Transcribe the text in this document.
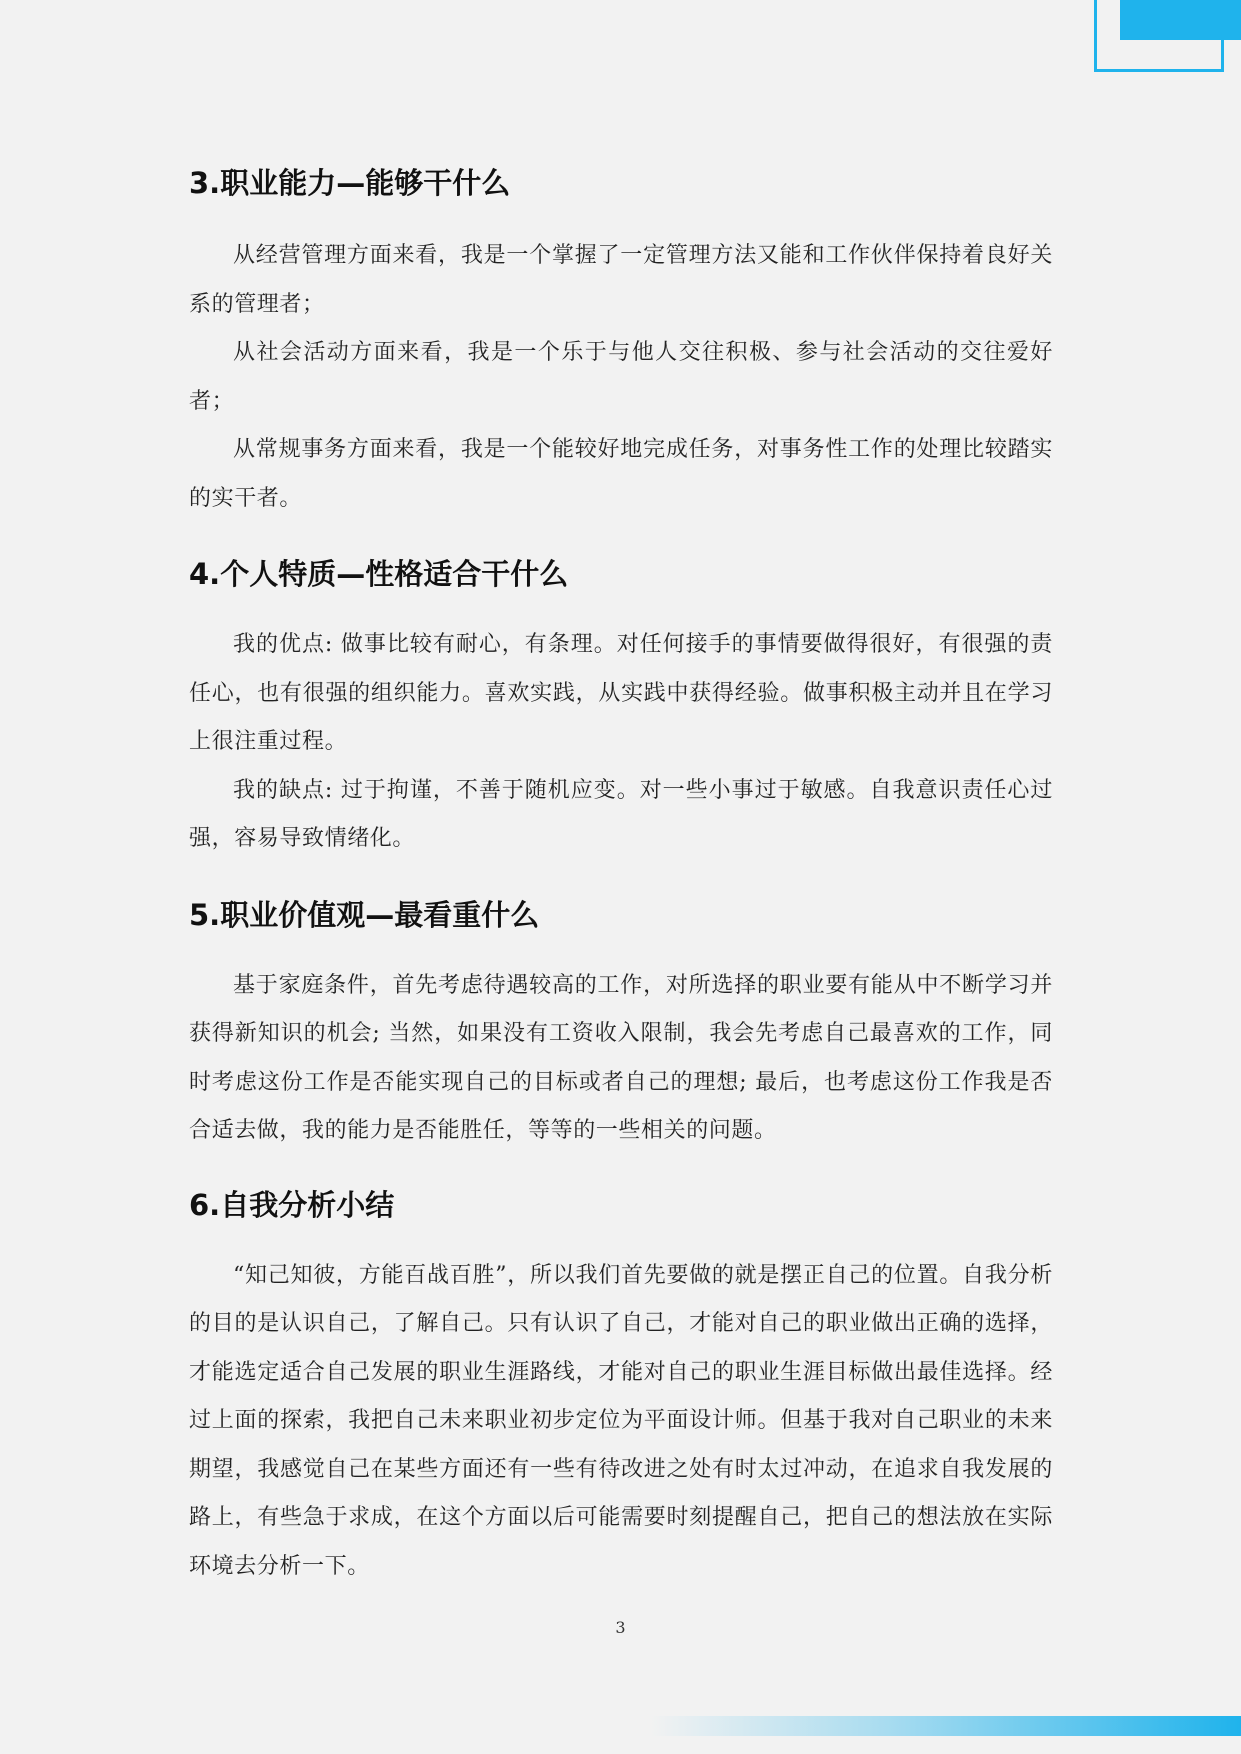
3.职业能力—能够干什么

从经营管理方面来看，我是一个掌握了一定管理方法又能和工作伙伴保持着良好关系的管理者；

从社会活动方面来看，我是一个乐于与他人交往积极、参与社会活动的交往爱好者；

从常规事务方面来看，我是一个能较好地完成任务，对事务性工作的处理比较踏实的实干者。

4.个人特质—性格适合干什么

我的优点: 做事比较有耐心，有条理。对任何接手的事情要做得很好，有很强的责任心，也有很强的组织能力。喜欢实践，从实践中获得经验。做事积极主动并且在学习上很注重过程。

我的缺点: 过于拘谨，不善于随机应变。对一些小事过于敏感。自我意识责任心过强，容易导致情绪化。

5.职业价值观—最看重什么

基于家庭条件，首先考虑待遇较高的工作，对所选择的职业要有能从中不断学习并获得新知识的机会; 当然，如果没有工资收入限制，我会先考虑自己最喜欢的工作，同时考虑这份工作是否能实现自己的目标或者自己的理想; 最后，也考虑这份工作我是否合适去做，我的能力是否能胜任，等等的一些相关的问题。

6.自我分析小结

“知己知彼，方能百战百胜”，所以我们首先要做的就是摆正自己的位置。自我分析的目的是认识自己，了解自己。只有认识了自己，才能对自己的职业做出正确的选择，才能选定适合自己发展的职业生涯路线，才能对自己的职业生涯目标做出最佳选择。经过上面的探索，我把自己未来职业初步定位为平面设计师。但基于我对自己职业的未来期望，我感觉自己在某些方面还有一些有待改进之处有时太过冲动，在追求自我发展的路上，有些急于求成，在这个方面以后可能需要时刻提醒自己，把自己的想法放在实际环境去分析一下。

3
